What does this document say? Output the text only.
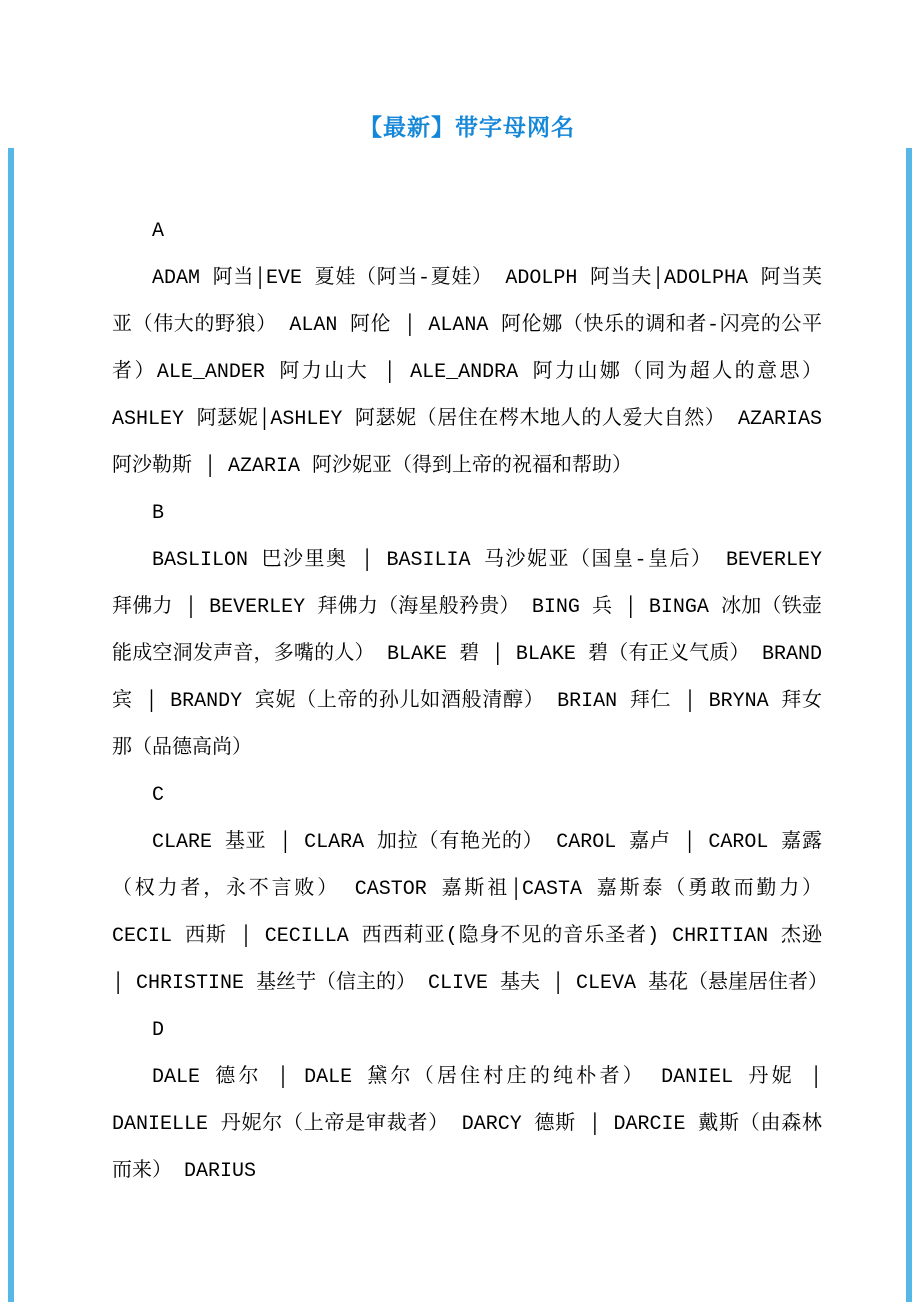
【最新】带字母网名

A

ADAM 阿当│EVE 夏娃（阿当-夏娃） ADOLPH 阿当夫│ADOLPHA 阿当芙亚（伟大的野狼） ALAN 阿伦 │ ALANA 阿伦娜（快乐的调和者-闪亮的公平者）ALE_ANDER 阿力山大 │ ALE_ANDRA 阿力山娜（同为超人的意思） ASHLEY 阿瑟妮│ASHLEY 阿瑟妮（居住在梣木地人的人爱大自然） AZARIAS 阿沙勒斯 │ AZARIA 阿沙妮亚（得到上帝的祝福和帮助）

B

BASLILON 巴沙里奥 │ BASILIA 马沙妮亚（国皇-皇后） BEVERLEY 拜佛力 │ BEVERLEY 拜佛力（海星般矜贵） BING 兵 │ BINGA 冰加（铁壶能成空洞发声音，多嘴的人） BLAKE 碧 │ BLAKE 碧（有正义气质） BRAND 宾 │ BRANDY 宾妮（上帝的孙儿如酒般清醇） BRIAN 拜仁 │ BRYNA 拜女那（品德高尚）

C

CLARE 基亚 │ CLARA 加拉（有艳光的） CAROL 嘉卢 │ CAROL 嘉露（权力者，永不言败） CASTOR 嘉斯祖│CASTA 嘉斯泰（勇敢而勤力） CECIL 西斯 │ CECILLA 西西莉亚(隐身不见的音乐圣者) CHRITIAN 杰逊 │ CHRISTINE 基丝艼（信主的） CLIVE 基夫 │ CLEVA 基花（悬崖居住者）

D

DALE 德尔 │ DALE 黛尔（居住村庄的纯朴者） DANIEL 丹妮 │ DANIELLE 丹妮尔（上帝是审裁者） DARCY 德斯 │ DARCIE 戴斯（由森林而来） DARIUS
